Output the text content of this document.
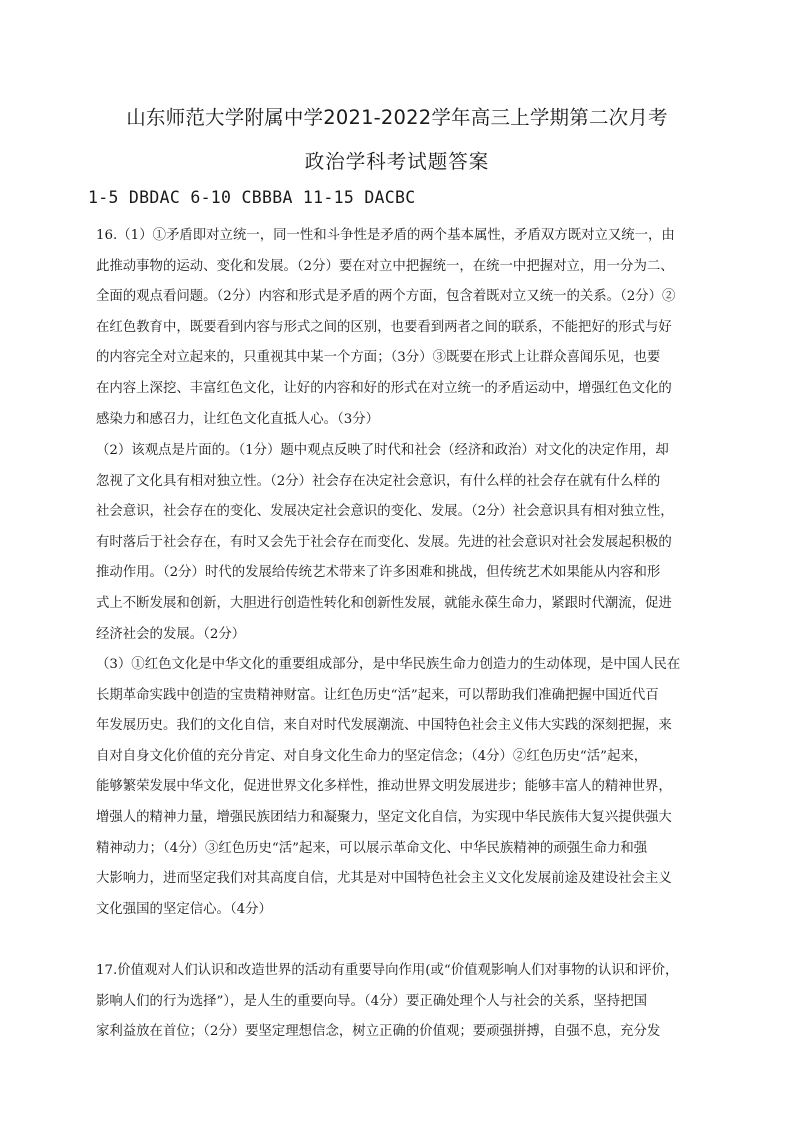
山东师范大学附属中学2021-2022学年高三上学期第二次月考
政治学科考试题答案
1-5 DBDAC 6-10 CBBBA 11-15 DACBC
16.（1）①矛盾即对立统一，同一性和斗争性是矛盾的两个基本属性，矛盾双方既对立又统一，由
此推动事物的运动、变化和发展。（2分）要在对立中把握统一，在统一中把握对立，用一分为二、
全面的观点看问题。（2分）内容和形式是矛盾的两个方面，包含着既对立又统一的关系。（2分）②
在红色教育中，既要看到内容与形式之间的区别，也要看到两者之间的联系，不能把好的形式与好
的内容完全对立起来的，只重视其中某一个方面；（3分）③既要在形式上让群众喜闻乐见，也要
在内容上深挖、丰富红色文化，让好的内容和好的形式在对立统一的矛盾运动中，增强红色文化的
感染力和感召力，让红色文化直抵人心。（3分）
（2）该观点是片面的。（1分）题中观点反映了时代和社会（经济和政治）对文化的决定作用，却
忽视了文化具有相对独立性。（2分）社会存在决定社会意识，有什么样的社会存在就有什么样的
社会意识，社会存在的变化、发展决定社会意识的变化、发展。（2分）社会意识具有相对独立性，
有时落后于社会存在，有时又会先于社会存在而变化、发展。先进的社会意识对社会发展起积极的
推动作用。（2分）时代的发展给传统艺术带来了许多困难和挑战，但传统艺术如果能从内容和形
式上不断发展和创新，大胆进行创造性转化和创新性发展，就能永葆生命力，紧跟时代潮流，促进
经济社会的发展。（2分）
（3）①红色文化是中华文化的重要组成部分，是中华民族生命力创造力的生动体现，是中国人民在
长期革命实践中创造的宝贵精神财富。让红色历史“活”起来，可以帮助我们准确把握中国近代百
年发展历史。我们的文化自信，来自对时代发展潮流、中国特色社会主义伟大实践的深刻把握，来
自对自身文化价值的充分肯定、对自身文化生命力的坚定信念；（4分）②红色历史“活”起来，
能够繁荣发展中华文化，促进世界文化多样性，推动世界文明发展进步；能够丰富人的精神世界，
增强人的精神力量，增强民族团结力和凝聚力，坚定文化自信，为实现中华民族伟大复兴提供强大
精神动力；（4分）③红色历史“活”起来，可以展示革命文化、中华民族精神的顽强生命力和强
大影响力，进而坚定我们对其高度自信，尤其是对中国特色社会主义文化发展前途及建设社会主义
文化强国的坚定信心。（4分）
17.价值观对人们认识和改造世界的活动有重要导向作用(或“价值观影响人们对事物的认识和评价，
影响人们的行为选择”），是人生的重要向导。（4分）要正确处理个人与社会的关系，坚持把国
家利益放在首位；（2分）要坚定理想信念，树立正确的价值观；要顽强拼搏，自强不息，充分发
